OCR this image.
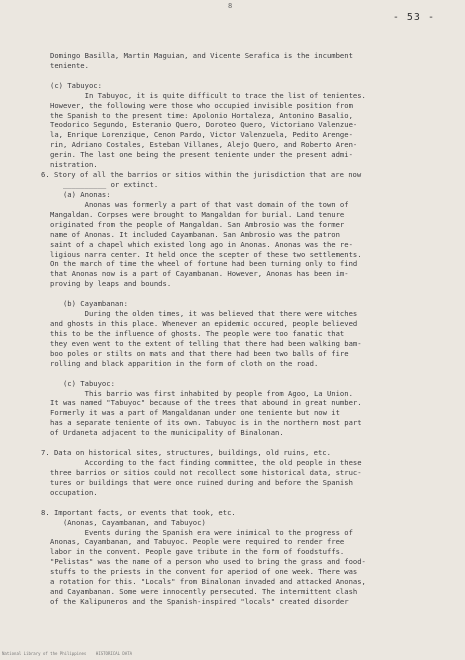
8
- 53 -
Domingo Basilla, Martin Maguian, and Vicente Serafica is the incumbent
teniente.
(c) Tabuyoc:
In Tabuyoc, it is quite difficult to trace the list of tenientes.
However, the following were those who occupied invisible position from
the Spanish to the present time: Apolonio Hortaleza, Antonino Basalio,
Teodorico Segundo, Esteranio Quero, Doroteo Quero, Victoriano Valenzue-
la, Enrique Lorenzique, Cenon Pardo, Victor Valenzuela, Pedito Arenge-
rin, Adriano Costales, Esteban Villanes, Alejo Quero, and Roberto Aren-
gerin. The last one being the present teniente under the present admi-
nistration.
6. Story of all the barrios or sitios within the jurisdiction that are now
__________ or extinct.
(a) Anonas:
Anonas was formerly a part of that vast domain of the town of
Mangaldan. Corpses were brought to Mangaldan for burial. Land tenure
originated from the people of Mangaldan. San Ambrosio was the former
name of Anonas. It included Cayambanan. San Ambrosio was the patron
saint of a chapel which existed long ago in Anonas. Anonas was the re-
ligious narra center. It held once the scepter of these two settlements.
On the march of time the wheel of fortune had been turning only to find
that Anonas now is a part of Cayambanan. However, Anonas has been im-
proving by leaps and bounds.
(b) Cayambanan:
During the olden times, it was believed that there were witches
and ghosts in this place. Whenever an epidemic occured, people believed
this to be the influence of ghosts. The people were too fanatic that
they even went to the extent of telling that there had been walking bam-
boo poles or stilts on mats and that there had been two balls of fire
rolling and black apparition in the form of cloth on the road.
(c) Tabuyoc:
This barrio was first inhabited by people from Agoo, La Union.
It was named "Tabuyoc" because of the trees that abound in great number.
Formerly it was a part of Mangaldanan under one teniente but now it
has a separate teniente of its own. Tabuyoc is in the northern most part
of Urdaneta adjacent to the municipality of Binalonan.
7. Data on historical sites, structures, buildings, old ruins, etc.
According to the fact finding committee, the old people in these
three barrios or sitios could not recollect some historical data, struc-
tures or buildings that were once ruined during and before the Spanish
occupation.
8. Important facts, or events that took, etc.
(Anonas, Cayambanan, and Tabuyoc)
Events during the Spanish era were inimical to the progress of
Anonas, Cayambanan, and Tabuyoc. People were required to render free
labor in the convent. People gave tribute in the form of foodstuffs.
"Pelistas" was the name of a person who used to bring the grass and food-
stuffs to the priests in the convent for aperiod of one week. There was
a rotation for this. "Locals" from Binalonan invaded and attacked Anonas,
and Cayambanan. Some were innocently persecuted. The intermittent clash
of the Kalipuneros and the Spanish-inspired "locals" created disorder
National Library of the Philippines    HISTORICAL DATA
